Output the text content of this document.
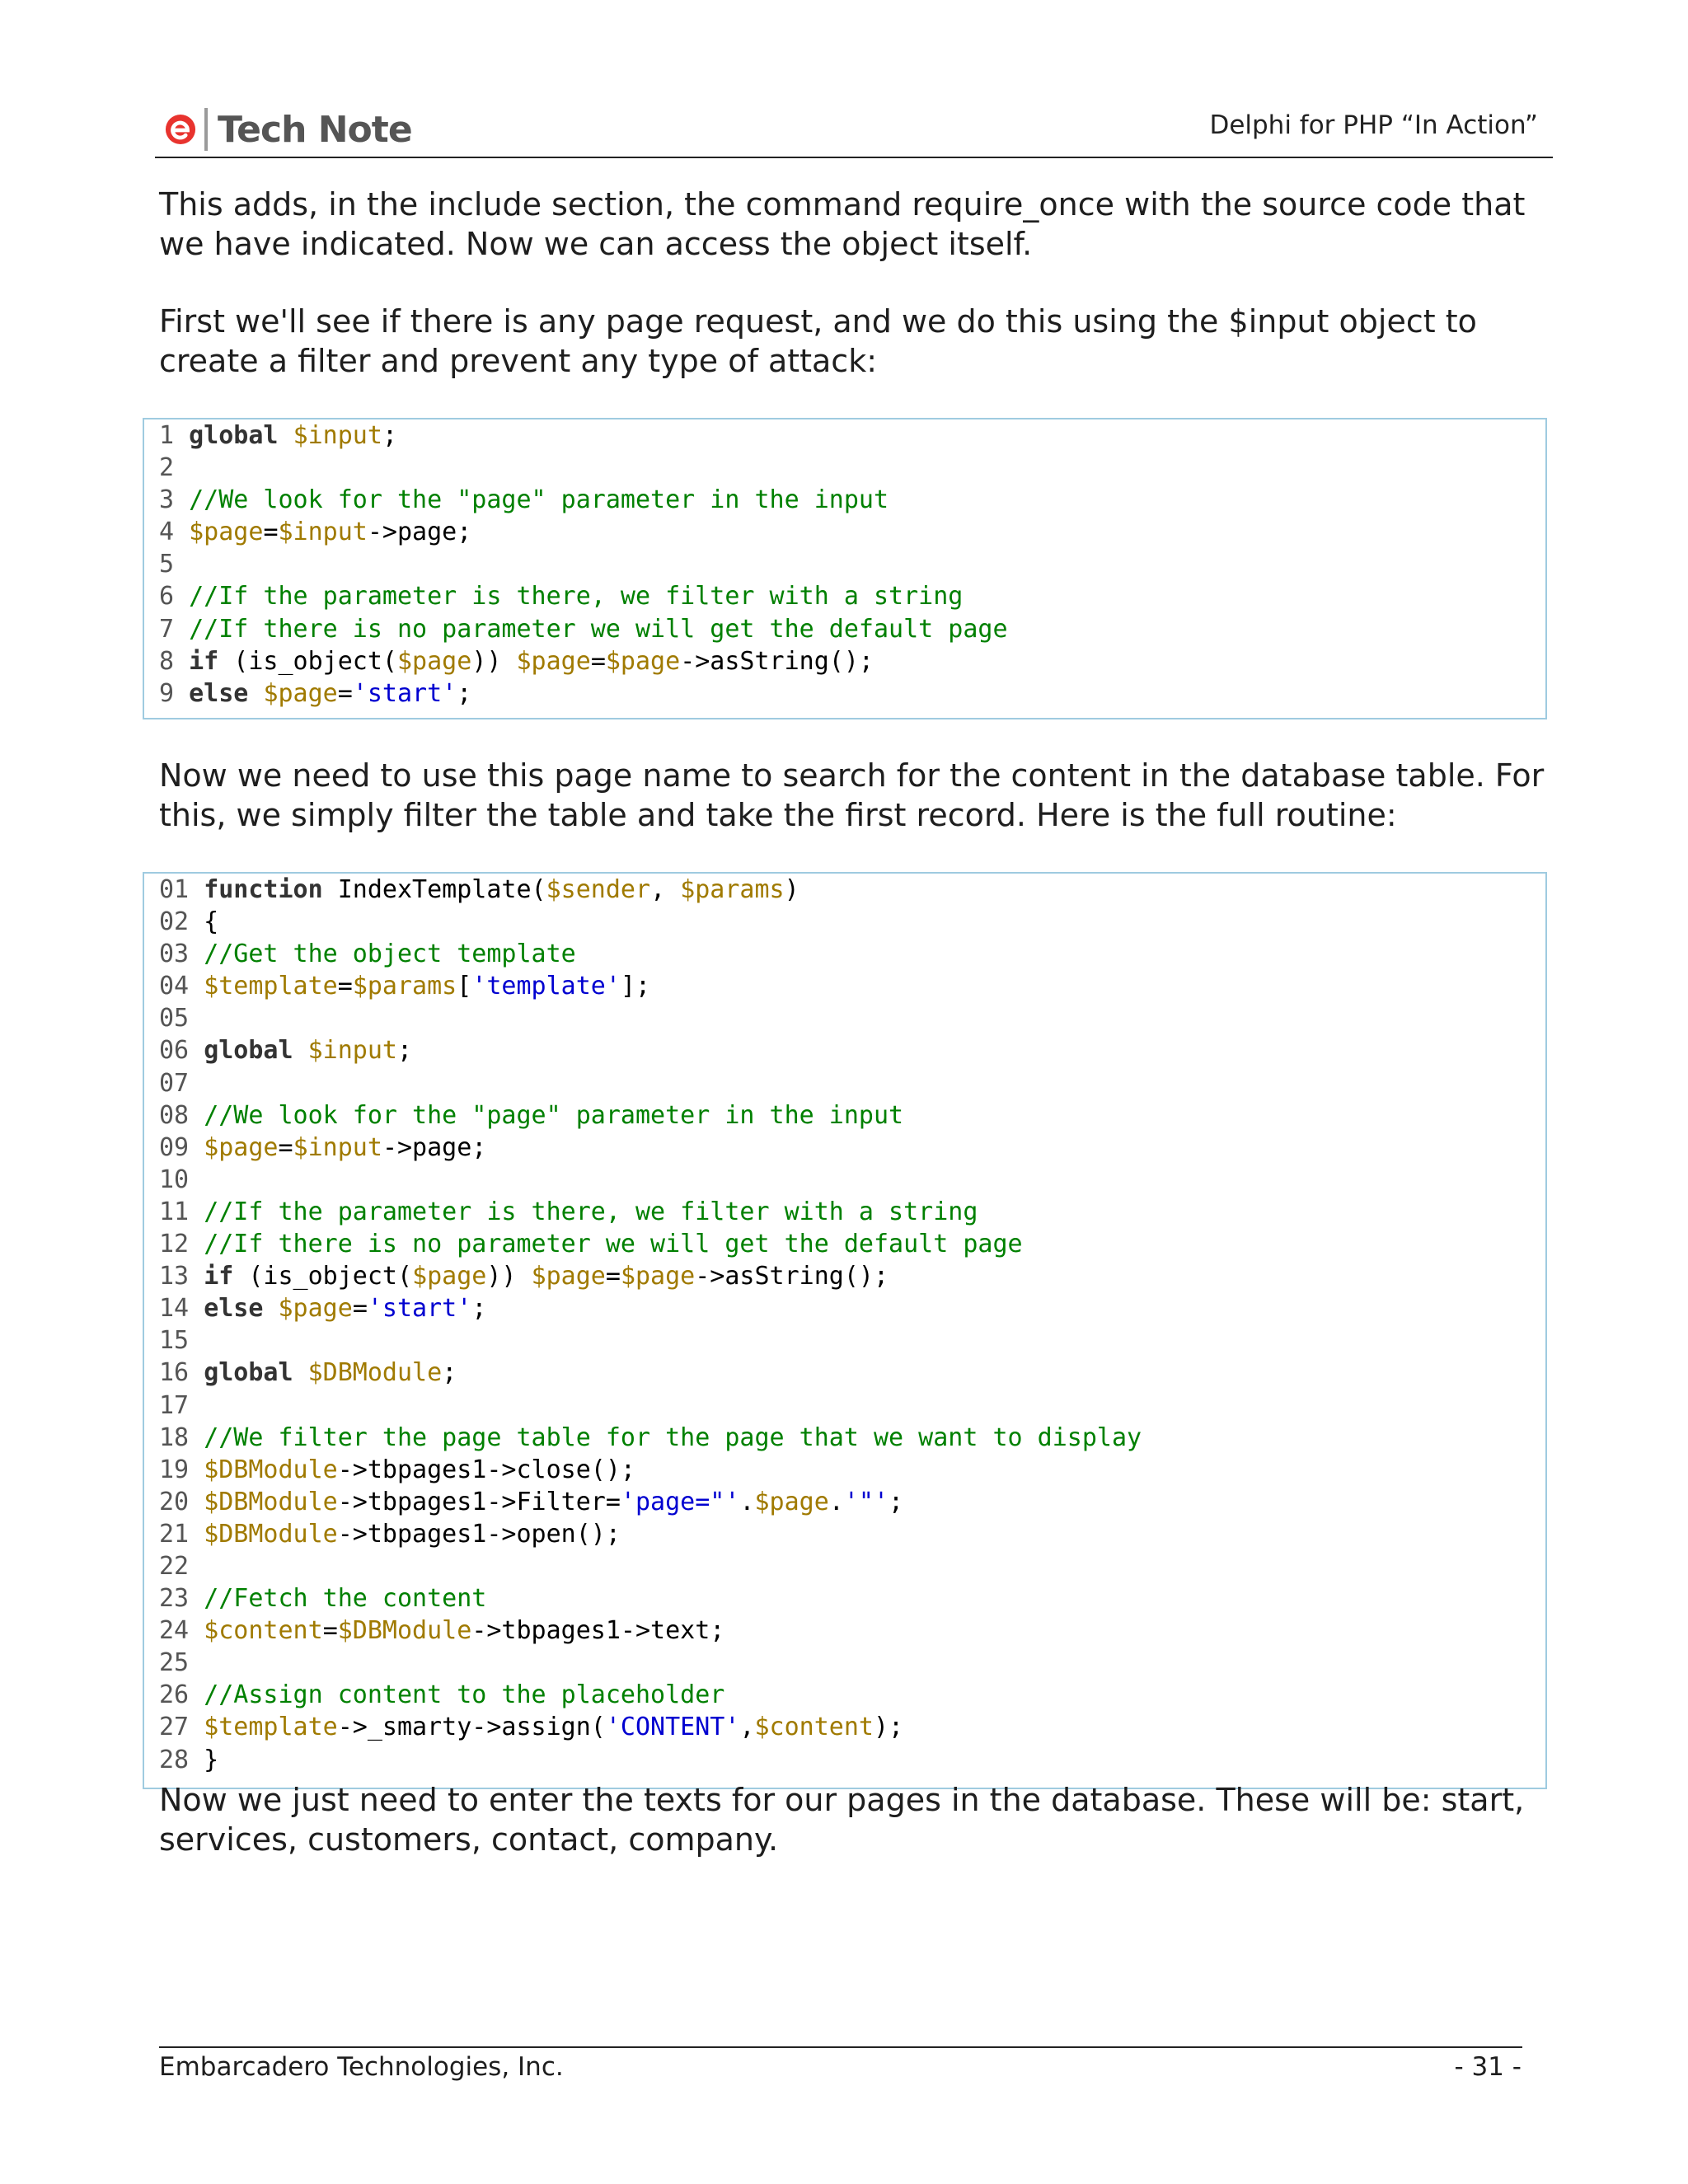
Tech Note	Delphi for PHP “In Action”

This adds, in the include section, the command require_once with the source code that we have indicated. Now we can access the object itself.

First we'll see if there is any page request, and we do this using the $input object to create a filter and prevent any type of attack:

1 global $input;
2
3 //We look for the "page" parameter in the input
4 $page=$input->page;
5
6 //If the parameter is there, we filter with a string
7 //If there is no parameter we will get the default page
8 if (is_object($page)) $page=$page->asString();
9 else $page='start';

Now we need to use this page name to search for the content in the database table. For this, we simply filter the table and take the first record. Here is the full routine:

01 function IndexTemplate($sender, $params)
02 {
03 //Get the object template
04 $template=$params['template'];
05
06 global $input;
07
08 //We look for the "page" parameter in the input
09 $page=$input->page;
10
11 //If the parameter is there, we filter with a string
12 //If there is no parameter we will get the default page
13 if (is_object($page)) $page=$page->asString();
14 else $page='start';
15
16 global $DBModule;
17
18 //We filter the page table for the page that we want to display
19 $DBModule->tbpages1->close();
20 $DBModule->tbpages1->Filter='page="'.$page.'"';
21 $DBModule->tbpages1->open();
22
23 //Fetch the content
24 $content=$DBModule->tbpages1->text;
25
26 //Assign content to the placeholder
27 $template->_smarty->assign('CONTENT',$content);
28 }

Now we just need to enter the texts for our pages in the database. These will be: start, services, customers, contact, company.

Embarcadero Technologies, Inc.	- 31 -
